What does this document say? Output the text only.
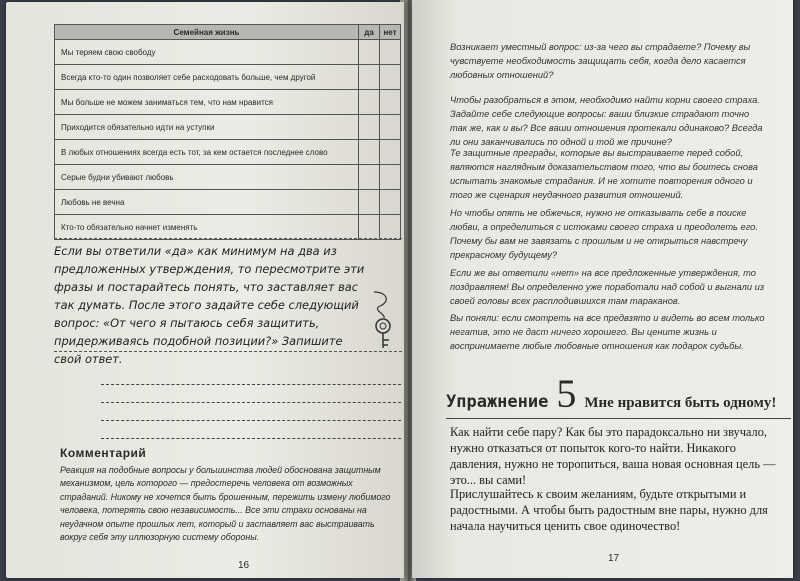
Семейная жизнь	да	нет
Мы теряем свою свободу		
Всегда кто-то один позволяет себе расходовать больше, чем другой		
Мы больше не можем заниматься тем, что нам нравится		
Приходится обязательно идти на уступки		
В любых отношениях всегда есть тот, за кем остается последнее слово		
Серые будни убивают любовь		
Любовь не вечна		
Кто-то обязательно начнет изменять		
Если вы ответили «да» как минимум на два из предложенных утверждения, то пересмотрите эти фразы и постарайтесь понять, что заставляет вас так думать. После этого задайте себе следующий вопрос: «От чего я пытаюсь себя защитить, придерживаясь подобной позиции?» Запишите свой ответ.
Комментарий
Реакция на подобные вопросы у большинства людей обоснована защитным механизмом, цель которого — предостеречь человека от возможных страданий. Никому не хочется быть брошенным, пережить измену любимого человека, потерять свою независимость... Все эти страхи основаны на неудачном опыте прошлых лет, который и заставляет вас выстраивать вокруг себя эту иллюзорную систему обороны.
16
Возникает уместный вопрос: из-за чего вы страдаете? Почему вы чувствуете необходимость защищать себя, когда дело касается любовных отношений?
Чтобы разобраться в этом, необходимо найти корни своего страха. Задайте себе следующие вопросы: ваши близкие страдают точно так же, как и вы? Все ваши отношения протекали одинаково? Всегда ли они заканчивались по одной и той же причине?
Те защитные преграды, которые вы выстраиваете перед собой, являются наглядным доказательством того, что вы боитесь снова испытать знакомые страдания. И не хотите повторения одного и того же сценария неудачного развития отношений.
Но чтобы опять не обжечься, нужно не отказывать себе в поиске любви, а определиться с истоками своего страха и преодолеть его. Почему бы вам не завязать с прошлым и не открыться навстречу прекрасному будущему?
Если же вы ответили «нет» на все предложенные утверждения, то поздравляем! Вы определенно уже поработали над собой и выгнали из своей головы всех расплодившихся там тараканов.
Вы поняли: если смотреть на все предвзято и видеть во всем только негатив, это не даст ничего хорошего. Вы цените жизнь и воспринимаете любые любовные отношения как подарок судьбы.
Упражнение 5 Мне нравится быть одному!
Как найти себе пару? Как бы это парадоксально ни звучало, нужно отказаться от попыток кого-то найти. Никакого давления, нужно не торопиться, ваша новая основная цель — это... вы сами!
Прислушайтесь к своим желаниям, будьте открытыми и радостными. А чтобы быть радостным вне пары, нужно для начала научиться ценить свое одиночество!
17
